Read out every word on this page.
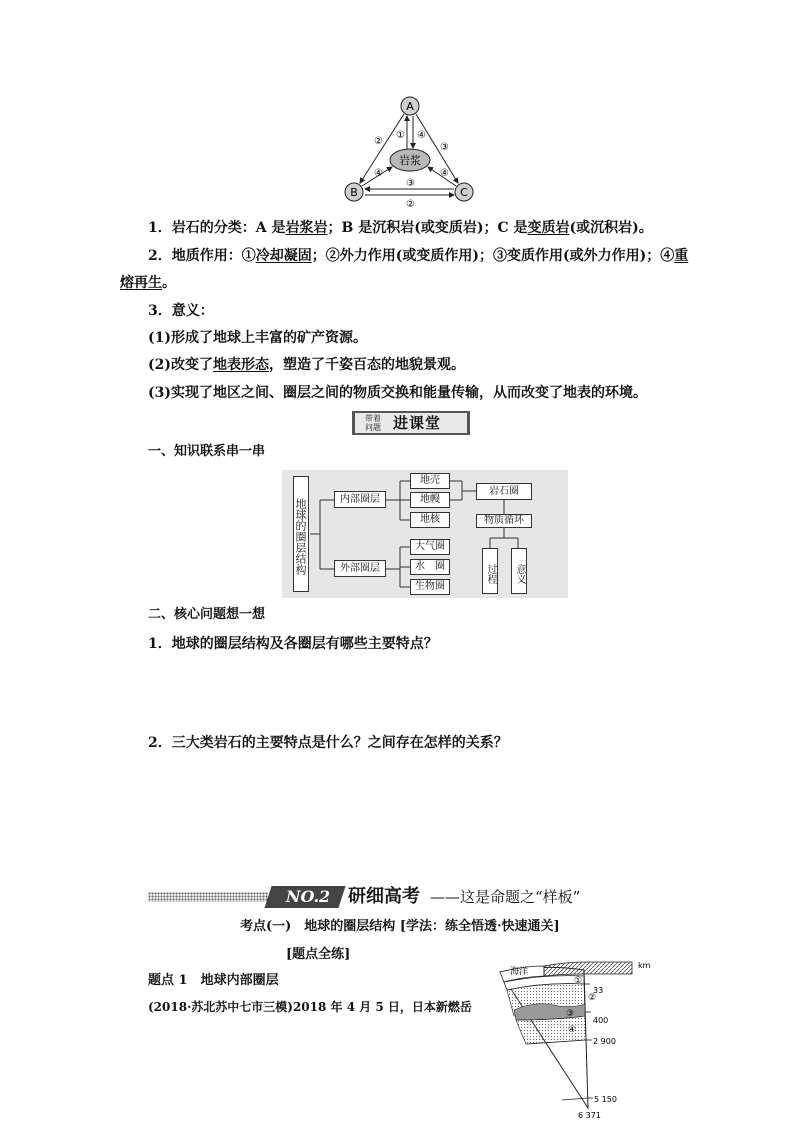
A
B	C
岩浆
②
③
① ④
④	④
③
②
1．岩石的分类：A 是岩浆岩；B 是沉积岩(或变质岩)；C 是变质岩(或沉积岩)。
2．地质作用：①冷却凝固；②外力作用(或变质作用)；③变质作用(或外力作用)；④重
熔再生。
3．意义：
(1)形成了地球上丰富的矿产资源。
(2)改变了地表形态，塑造了千姿百态的地貌景观。
(3)实现了地区之间、圈层之间的物质交换和能量传输，从而改变了地表的环境。
带着
问题 进课堂
一、知识联系串一串
地球的圈层结构	内部圈层
外部圈层
地壳
地幔
地核
岩石圈
物质循环
过程	意义
大气圈
水　圈
生物圈
二、核心问题想一想
1．地球的圈层结构及各圈层有哪些主要特点？
2．三大类岩石的主要特点是什么？之间存在怎样的关系？
NO.2 研细高考 ——这是命题之“样板”
考点(一)　地球的圈层结构 [学法：练全悟透·快速通关]
[题点全练]
题点 1　地球内部圈层
(2018·苏北苏中七市三模)2018 年 4 月 5 日，日本新燃岳
海洋
km
①
②
③
④
33
400
2 900
5 150
6 371
